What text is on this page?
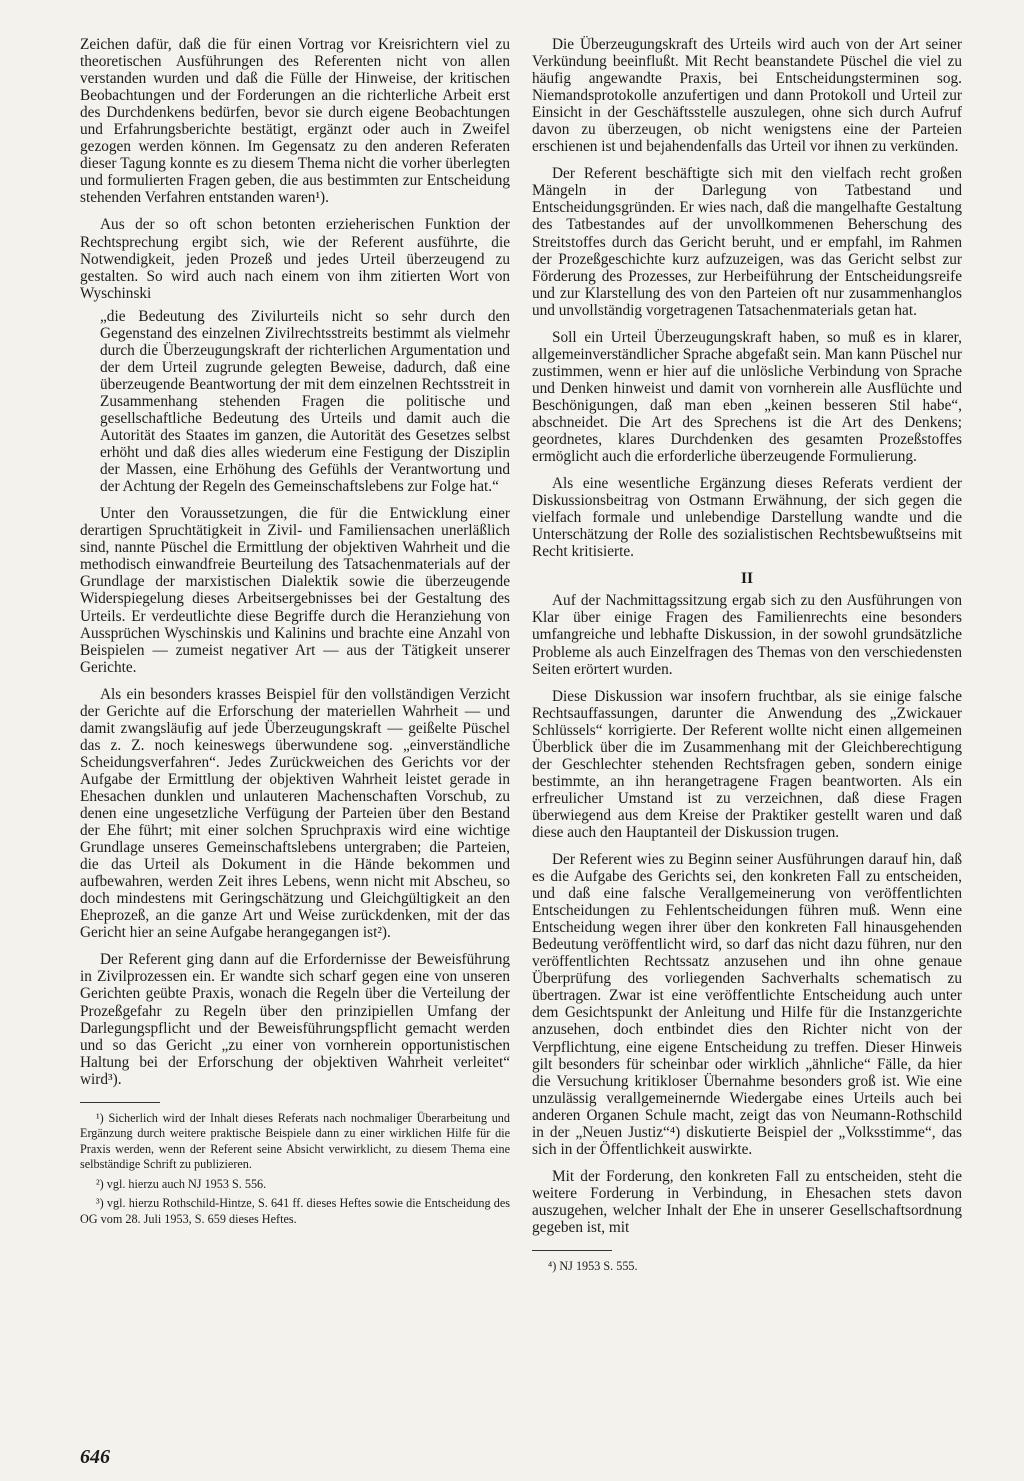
Zeichen dafür, daß die für einen Vortrag vor Kreisrichtern viel zu theoretischen Ausführungen des Referenten nicht von allen verstanden wurden und daß die Fülle der Hinweise, der kritischen Beobachtungen und der Forderungen an die richterliche Arbeit erst des Durchdenkens bedürfen, bevor sie durch eigene Beobachtungen und Erfahrungsberichte bestätigt, ergänzt oder auch in Zweifel gezogen werden können. Im Gegensatz zu den anderen Referaten dieser Tagung konnte es zu diesem Thema nicht die vorher überlegten und formulierten Fragen geben, die aus bestimmten zur Entscheidung stehenden Verfahren entstanden waren¹).

Aus der so oft schon betonten erzieherischen Funktion der Rechtsprechung ergibt sich, wie der Referent ausführte, die Notwendigkeit, jeden Prozeß und jedes Urteil überzeugend zu gestalten. So wird auch nach einem von ihm zitierten Wort von Wyschinski

„die Bedeutung des Zivilurteils nicht so sehr durch den Gegenstand des einzelnen Zivilrechtsstreits bestimmt als vielmehr durch die Überzeugungskraft der richterlichen Argumentation und der dem Urteil zugrunde gelegten Beweise, dadurch, daß eine überzeugende Beantwortung der mit dem einzelnen Rechtsstreit in Zusammenhang stehenden Fragen die politische und gesellschaftliche Bedeutung des Urteils und damit auch die Autorität des Staates im ganzen, die Autorität des Gesetzes selbst erhöht und daß dies alles wiederum eine Festigung der Disziplin der Massen, eine Erhöhung des Gefühls der Verantwortung und der Achtung der Regeln des Gemeinschaftslebens zur Folge hat.“

Unter den Voraussetzungen, die für die Entwicklung einer derartigen Spruchtätigkeit in Zivil- und Familiensachen unerläßlich sind, nannte Püschel die Ermittlung der objektiven Wahrheit und die methodisch einwandfreie Beurteilung des Tatsachenmaterials auf der Grundlage der marxistischen Dialektik sowie die überzeugende Widerspiegelung dieses Arbeitsergebnisses bei der Gestaltung des Urteils. Er verdeutlichte diese Begriffe durch die Heranziehung von Aussprüchen Wyschinskis und Kalinins und brachte eine Anzahl von Beispielen — zumeist negativer Art — aus der Tätigkeit unserer Gerichte.

Als ein besonders krasses Beispiel für den vollständigen Verzicht der Gerichte auf die Erforschung der materiellen Wahrheit — und damit zwangsläufig auf jede Überzeugungskraft — geißelte Püschel das z. Z. noch keineswegs überwundene sog. „einverständliche Scheidungsverfahren“. Jedes Zurückweichen des Gerichts vor der Aufgabe der Ermittlung der objektiven Wahrheit leistet gerade in Ehesachen dunklen und unlauteren Machenschaften Vorschub, zu denen eine ungesetzliche Verfügung der Parteien über den Bestand der Ehe führt; mit einer solchen Spruchpraxis wird eine wichtige Grundlage unseres Gemeinschaftslebens untergraben; die Parteien, die das Urteil als Dokument in die Hände bekommen und aufbewahren, werden Zeit ihres Lebens, wenn nicht mit Abscheu, so doch mindestens mit Geringschätzung und Gleichgültigkeit an den Eheprozeß, an die ganze Art und Weise zurückdenken, mit der das Gericht hier an seine Aufgabe herangegangen ist²).

Der Referent ging dann auf die Erfordernisse der Beweisführung in Zivilprozessen ein. Er wandte sich scharf gegen eine von unseren Gerichten geübte Praxis, wonach die Regeln über die Verteilung der Prozeßgefahr zu Regeln über den prinzipiellen Umfang der Darlegungspflicht und der Beweisführungspflicht gemacht werden und so das Gericht „zu einer von vornherein opportunistischen Haltung bei der Erforschung der objektiven Wahrheit verleitet“ wird³).

¹) Sicherlich wird der Inhalt dieses Referats nach nochmaliger Überarbeitung und Ergänzung durch weitere praktische Beispiele dann zu einer wirklichen Hilfe für die Praxis werden, wenn der Referent seine Absicht verwirklicht, zu diesem Thema eine selbständige Schrift zu publizieren.

²) vgl. hierzu auch NJ 1953 S. 556.

³) vgl. hierzu Rothschild-Hintze, S. 641 ff. dieses Heftes sowie die Entscheidung des OG vom 28. Juli 1953, S. 659 dieses Heftes.

Die Überzeugungskraft des Urteils wird auch von der Art seiner Verkündung beeinflußt. Mit Recht beanstandete Püschel die viel zu häufig angewandte Praxis, bei Entscheidungsterminen sog. Niemandsprotokolle anzufertigen und dann Protokoll und Urteil zur Einsicht in der Geschäftsstelle auszulegen, ohne sich durch Aufruf davon zu überzeugen, ob nicht wenigstens eine der Parteien erschienen ist und bejahendenfalls das Urteil vor ihnen zu verkünden.

Der Referent beschäftigte sich mit den vielfach recht großen Mängeln in der Darlegung von Tatbestand und Entscheidungsgründen. Er wies nach, daß die mangelhafte Gestaltung des Tatbestandes auf der unvollkommenen Beherschung des Streitstoffes durch das Gericht beruht, und er empfahl, im Rahmen der Prozeßgeschichte kurz aufzuzeigen, was das Gericht selbst zur Förderung des Prozesses, zur Herbeiführung der Entscheidungsreife und zur Klarstellung des von den Parteien oft nur zusammenhanglos und unvollständig vorgetragenen Tatsachenmaterials getan hat.

Soll ein Urteil Überzeugungskraft haben, so muß es in klarer, allgemeinverständlicher Sprache abgefaßt sein. Man kann Püschel nur zustimmen, wenn er hier auf die unlösliche Verbindung von Sprache und Denken hinweist und damit von vornherein alle Ausflüchte und Beschönigungen, daß man eben „keinen besseren Stil habe“, abschneidet. Die Art des Sprechens ist die Art des Denkens; geordnetes, klares Durchdenken des gesamten Prozeßstoffes ermöglicht auch die erforderliche überzeugende Formulierung.

Als eine wesentliche Ergänzung dieses Referats verdient der Diskussionsbeitrag von Ostmann Erwähnung, der sich gegen die vielfach formale und unlebendige Darstellung wandte und die Unterschätzung der Rolle des sozialistischen Rechtsbewußtseins mit Recht kritisierte.

II

Auf der Nachmittagssitzung ergab sich zu den Ausführungen von Klar über einige Fragen des Familienrechts eine besonders umfangreiche und lebhafte Diskussion, in der sowohl grundsätzliche Probleme als auch Einzelfragen des Themas von den verschiedensten Seiten erörtert wurden.

Diese Diskussion war insofern fruchtbar, als sie einige falsche Rechtsauffassungen, darunter die Anwendung des „Zwickauer Schlüssels“ korrigierte. Der Referent wollte nicht einen allgemeinen Überblick über die im Zusammenhang mit der Gleichberechtigung der Geschlechter stehenden Rechtsfragen geben, sondern einige bestimmte, an ihn herangetragene Fragen beantworten. Als ein erfreulicher Umstand ist zu verzeichnen, daß diese Fragen überwiegend aus dem Kreise der Praktiker gestellt waren und daß diese auch den Hauptanteil der Diskussion trugen.

Der Referent wies zu Beginn seiner Ausführungen darauf hin, daß es die Aufgabe des Gerichts sei, den konkreten Fall zu entscheiden, und daß eine falsche Verallgemeinerung von veröffentlichten Entscheidungen zu Fehlentscheidungen führen muß. Wenn eine Entscheidung wegen ihrer über den konkreten Fall hinausgehenden Bedeutung veröffentlicht wird, so darf das nicht dazu führen, nur den veröffentlichten Rechtssatz anzusehen und ihn ohne genaue Überprüfung des vorliegenden Sachverhalts schematisch zu übertragen. Zwar ist eine veröffentlichte Entscheidung auch unter dem Gesichtspunkt der Anleitung und Hilfe für die Instanzgerichte anzusehen, doch entbindet dies den Richter nicht von der Verpflichtung, eine eigene Entscheidung zu treffen. Dieser Hinweis gilt besonders für scheinbar oder wirklich „ähnliche“ Fälle, da hier die Versuchung kritikloser Übernahme besonders groß ist. Wie eine unzulässig verallgemeinernde Wiedergabe eines Urteils auch bei anderen Organen Schule macht, zeigt das von Neumann-Rothschild in der „Neuen Justiz“⁴) diskutierte Beispiel der „Volksstimme“, das sich in der Öffentlichkeit auswirkte.

Mit der Forderung, den konkreten Fall zu entscheiden, steht die weitere Forderung in Verbindung, in Ehesachen stets davon auszugehen, welcher Inhalt der Ehe in unserer Gesellschaftsordnung gegeben ist, mit

⁴) NJ 1953 S. 555.

646
